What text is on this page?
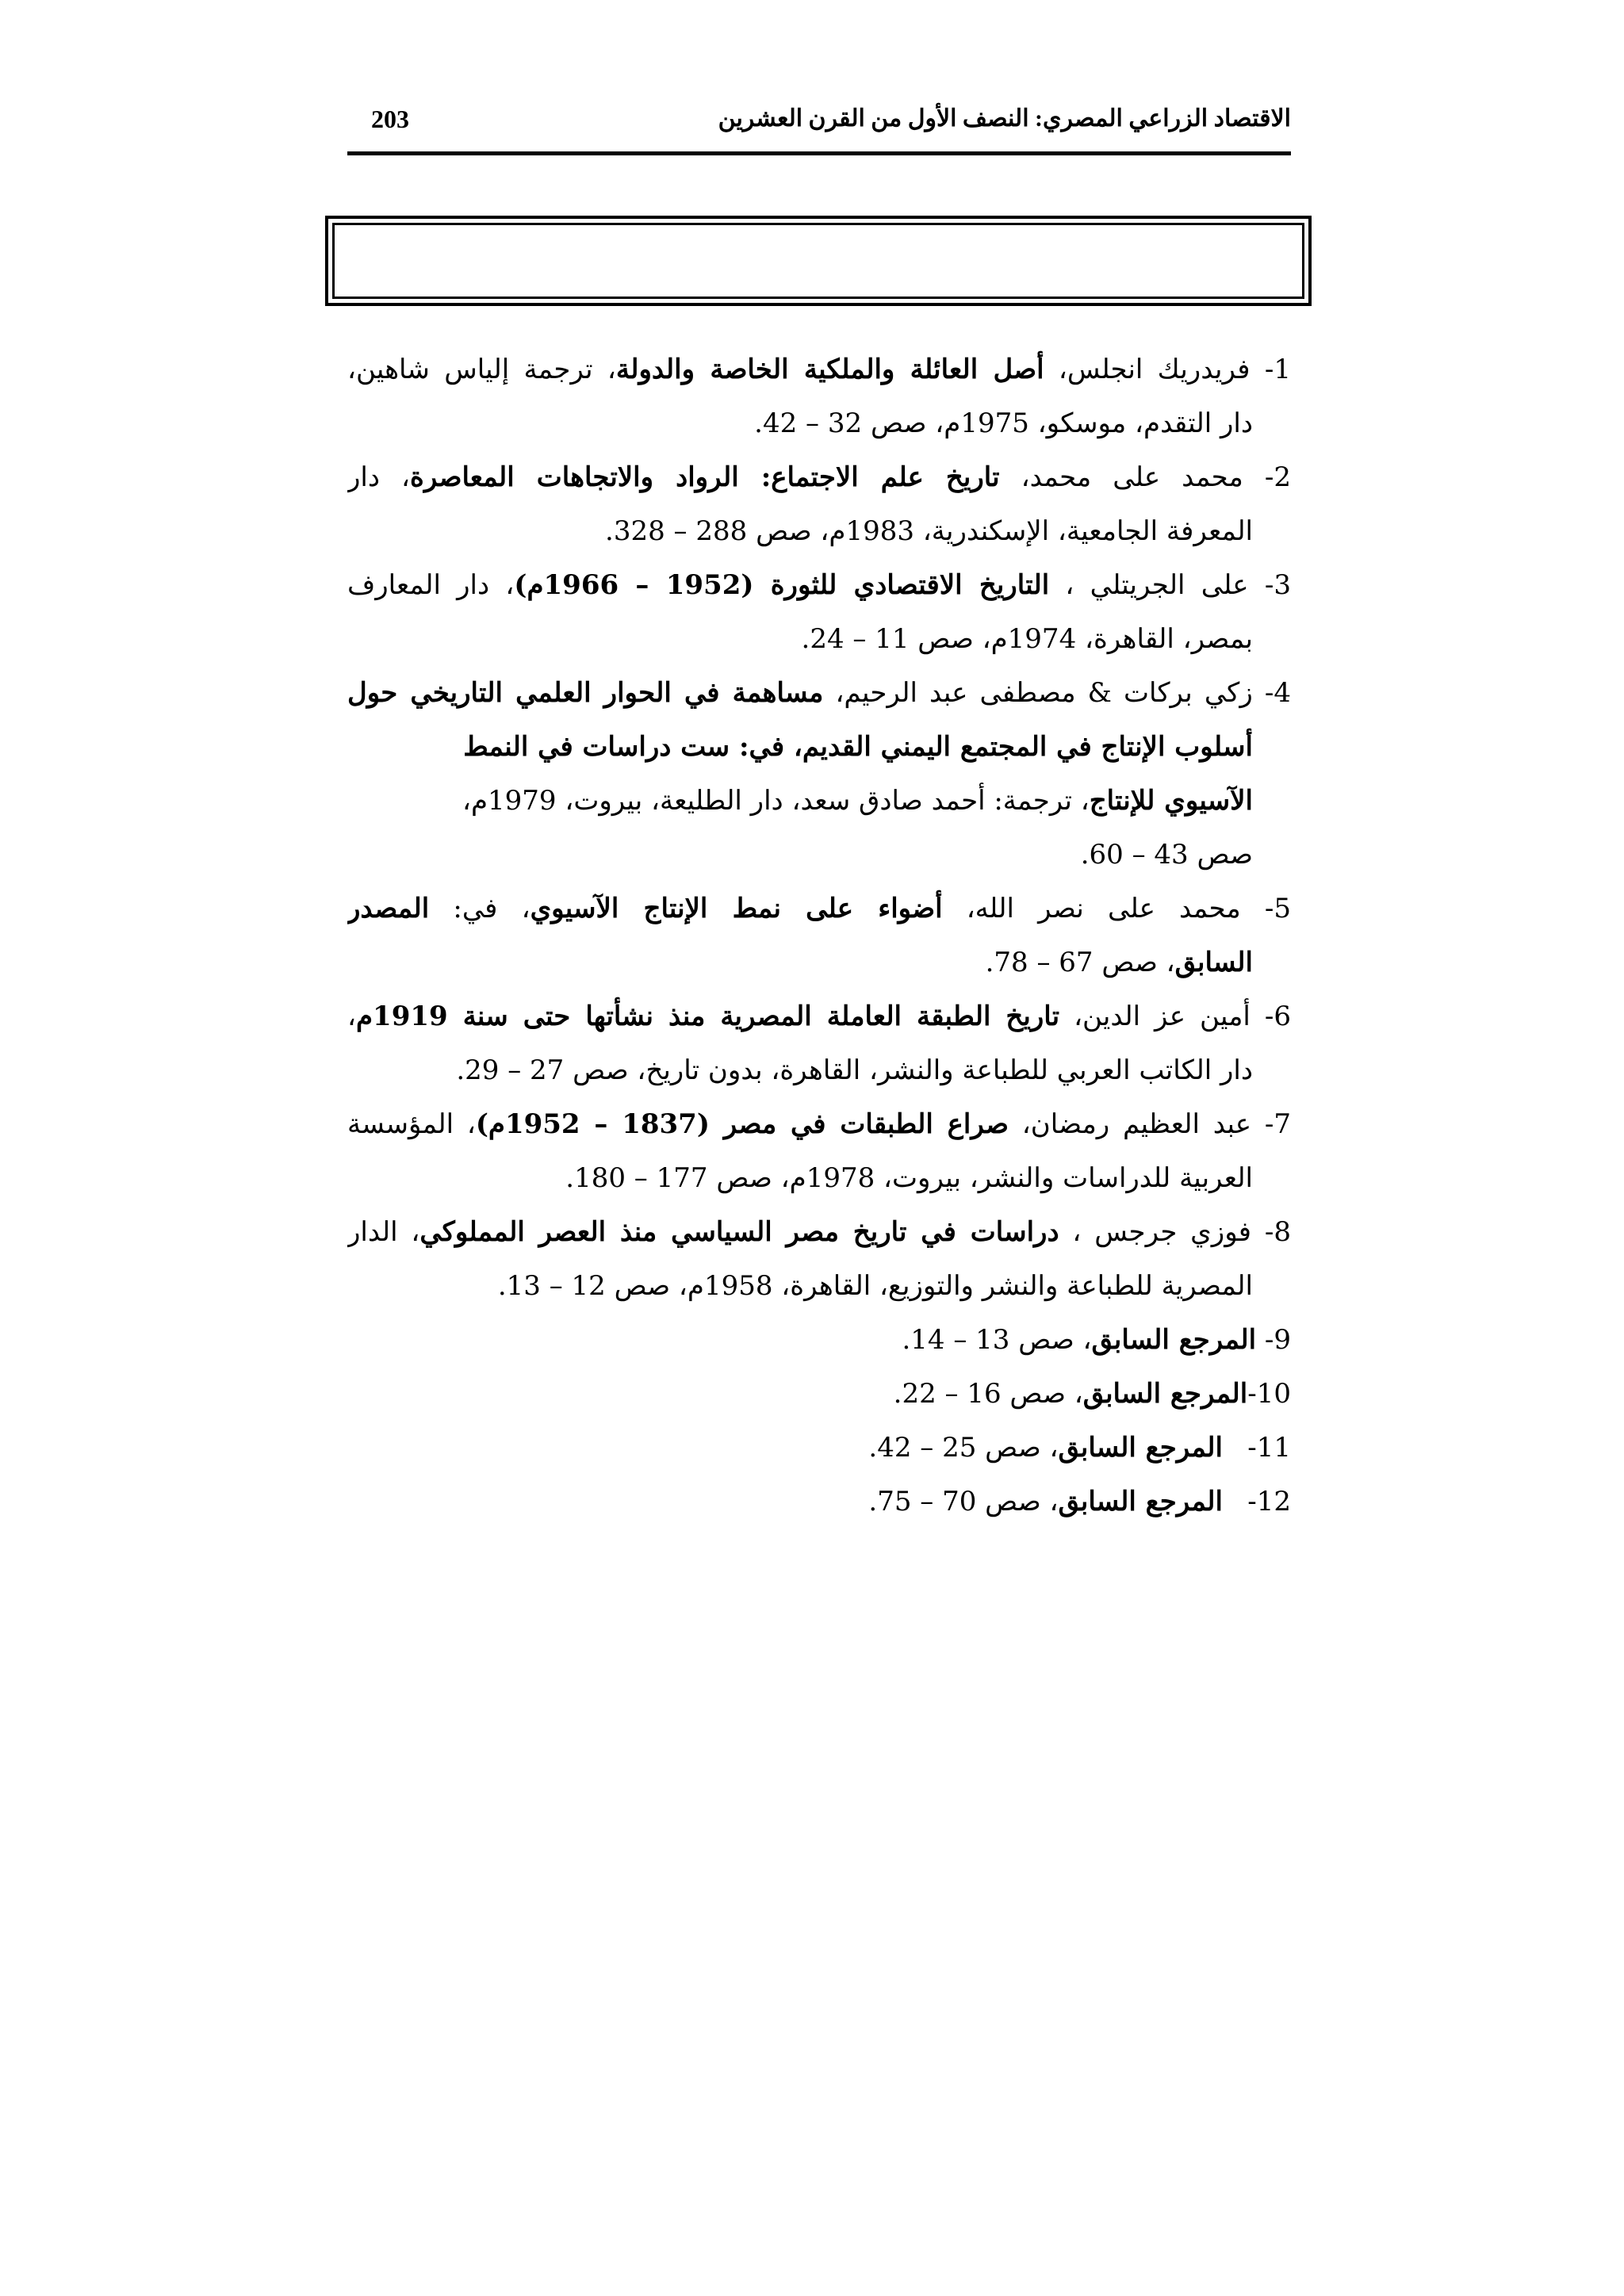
203	الاقتصاد الزراعي المصري: النصف الأول من القرن العشرين
1- فريدريك انجلس، أصل العائلة والملكية الخاصة والدولة، ترجمة إلياس شاهين،
دار التقدم، موسكو، 1975م، صص 32 – 42.
2- محمد على محمد، تاريخ علم الاجتماع: الرواد والاتجاهات المعاصرة، دار
المعرفة الجامعية، الإسكندرية، 1983م، صص 288 – 328.
3- على الجريتلي ، التاريخ الاقتصادي للثورة (1952 – 1966م)، دار المعارف
بمصر، القاهرة، 1974م، صص 11 – 24.
4- زكي بركات & مصطفى عبد الرحيم، مساهمة في الحوار العلمي التاريخي حول
أسلوب الإنتاج في المجتمع اليمني القديم، في: ست دراسات في النمط
الآسيوي للإنتاج، ترجمة: أحمد صادق سعد، دار الطليعة، بيروت، 1979م،
صص 43 – 60.
5- محمد على نصر الله، أضواء على نمط الإنتاج الآسيوي، في: المصدر
السابق، صص 67 – 78.
6- أمين عز الدين، تاريخ الطبقة العاملة المصرية منذ نشأتها حتى سنة 1919م،
دار الكاتب العربي للطباعة والنشر، القاهرة، بدون تاريخ، صص 27 – 29.
7- عبد العظيم رمضان، صراع الطبقات في مصر (1837 – 1952م)، المؤسسة
العربية للدراسات والنشر، بيروت، 1978م، صص 177 – 180.
8- فوزي جرجس ، دراسات في تاريخ مصر السياسي منذ العصر المملوكي، الدار
المصرية للطباعة والنشر والتوزيع، القاهرة، 1958م، صص 12 – 13.
9- المرجع السابق، صص 13 – 14.
10-المرجع السابق، صص 16 – 22.
11-المرجع السابق، صص 25 – 42.
12-المرجع السابق، صص 70 – 75.
